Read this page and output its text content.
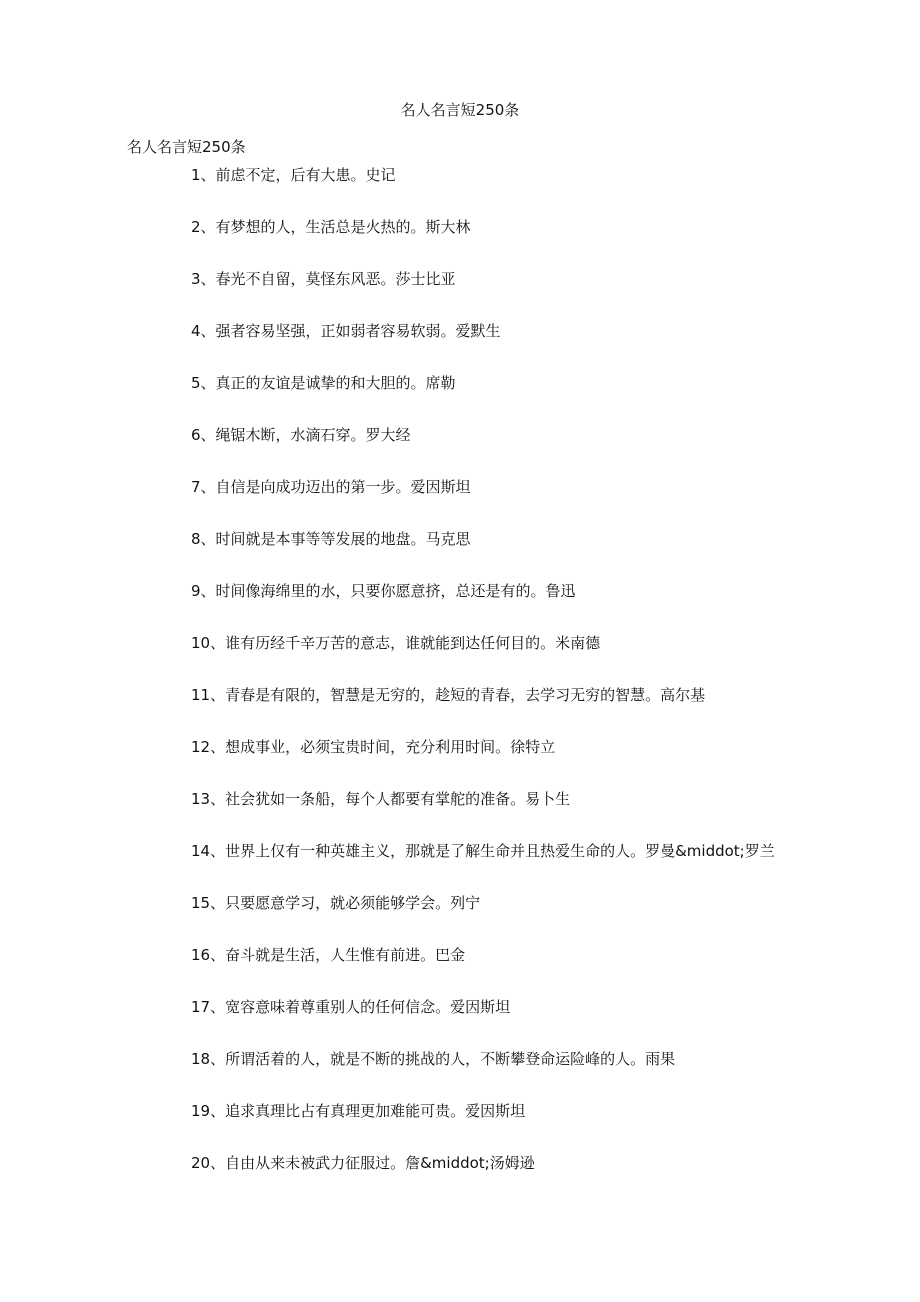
名人名言短250条

名人名言短250条

1、前虑不定，后有大患。史记

2、有梦想的人，生活总是火热的。斯大林

3、春光不自留，莫怪东风恶。莎士比亚

4、强者容易坚强，正如弱者容易软弱。爱默生

5、真正的友谊是诚挚的和大胆的。席勒

6、绳锯木断，水滴石穿。罗大经

7、自信是向成功迈出的第一步。爱因斯坦

8、时间就是本事等等发展的地盘。马克思

9、时间像海绵里的水，只要你愿意挤，总还是有的。鲁迅

10、谁有历经千辛万苦的意志，谁就能到达任何目的。米南德

11、青春是有限的，智慧是无穷的，趁短的青春，去学习无穷的智慧。高尔基

12、想成事业，必须宝贵时间，充分利用时间。徐特立

13、社会犹如一条船，每个人都要有掌舵的准备。易卜生

14、世界上仅有一种英雄主义，那就是了解生命并且热爱生命的人。罗曼&middot;罗兰

15、只要愿意学习，就必须能够学会。列宁

16、奋斗就是生活，人生惟有前进。巴金

17、宽容意味着尊重别人的任何信念。爱因斯坦

18、所谓活着的人，就是不断的挑战的人，不断攀登命运险峰的人。雨果

19、追求真理比占有真理更加难能可贵。爱因斯坦

20、自由从来未被武力征服过。詹&middot;汤姆逊
